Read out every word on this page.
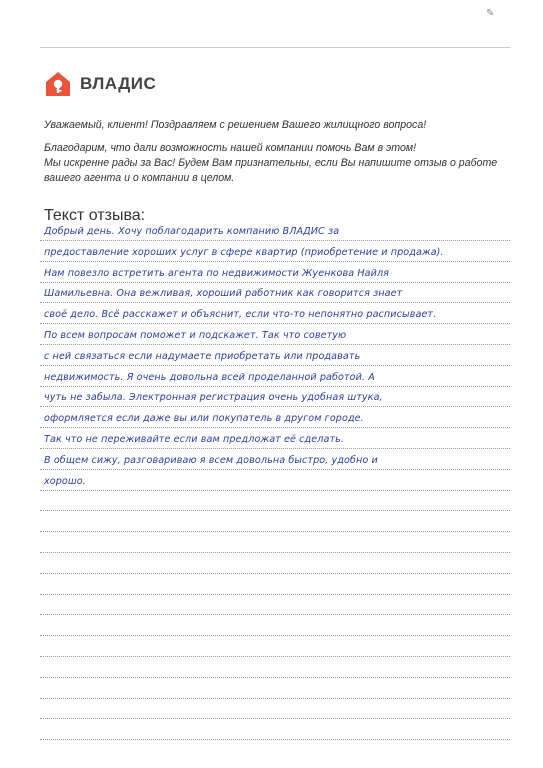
✎
ВЛАДИС

Уважаемый, клиент! Поздравляем с решением Вашего жилищного вопроса!

Благодарим, что дали возможность нашей компании помочь Вам в этом!

Мы искренне рады за Вас! Будем Вам признательны, если Вы напишите отзыв о работе

вашего агента и о компании в целом.

Текст отзыва:
Добрый день. Хочу поблагодарить компанию ВЛАДИС за
предоставление хороших услуг в сфере квартир (приобретение и продажа).
Нам повезло встретить агента по недвижимости Жуенкова Найля
Шамильевна. Она вежливая, хороший работник как говорится знает
своё дело. Всё расскажет и объяснит, если что-то непонятно расписывает.
По всем вопросам поможет и подскажет. Так что советую
с ней связаться если надумаете приобретать или продавать
недвижимость. Я очень довольна всей проделанной работой. А
чуть не забыла. Электронная регистрация очень удобная штука,
оформляется если даже вы или покупатель в другом городе.
Так что не переживайте если вам предложат её сделать.
В общем сижу, разговариваю я всем довольна быстро, удобно и
хорошо.
